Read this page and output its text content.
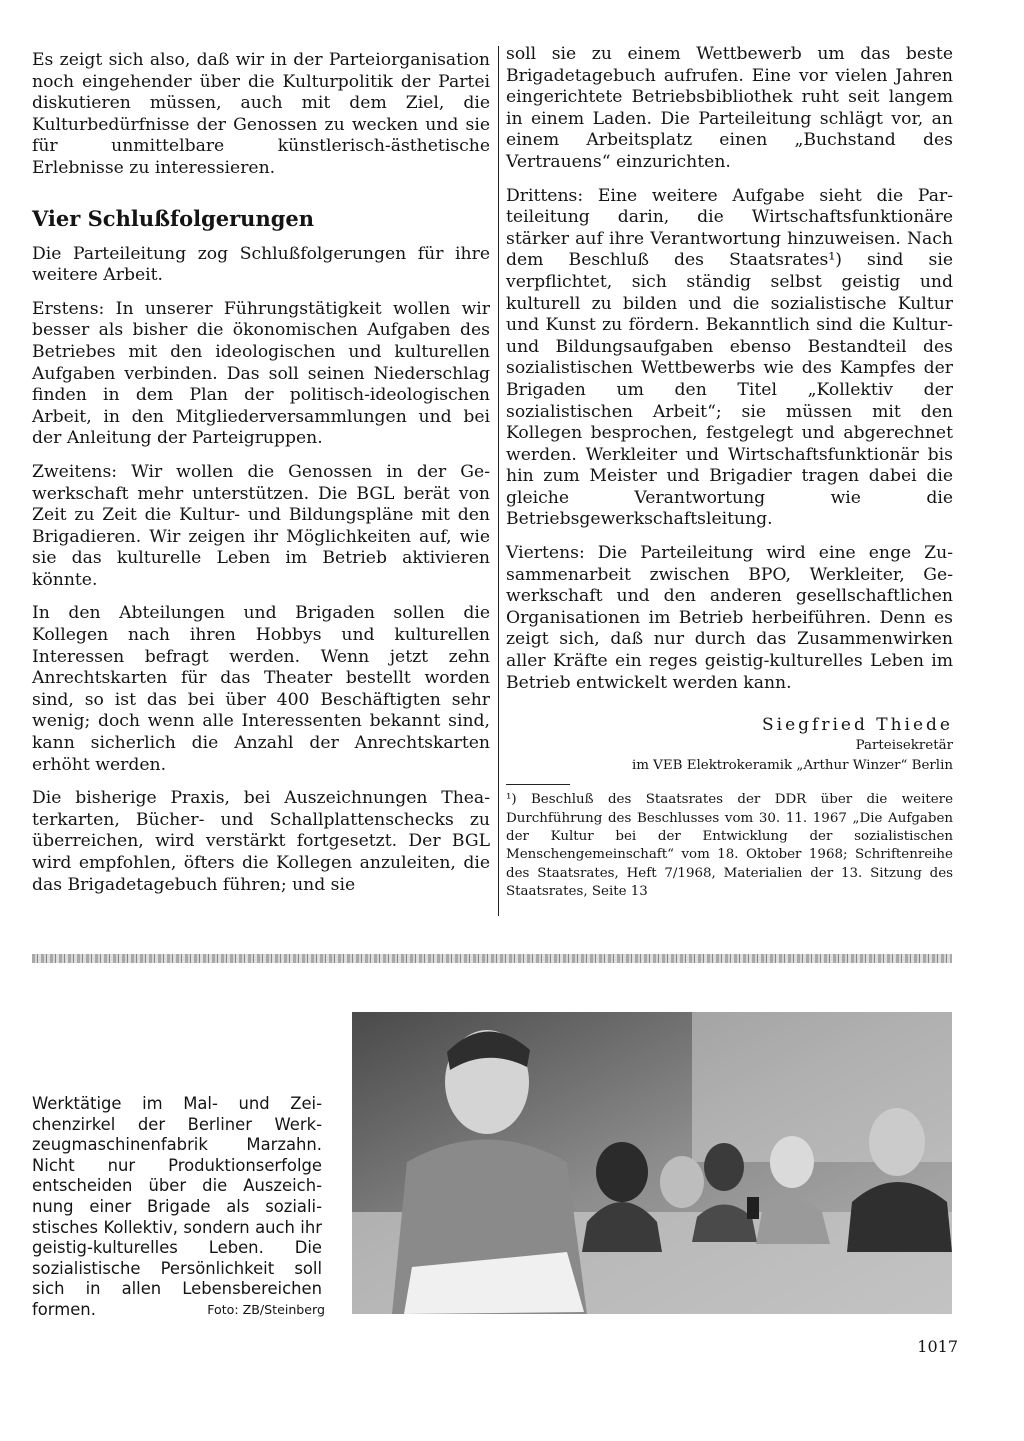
Es zeigt sich also, daß wir in der Parteiorganisation noch eingehender über die Kulturpolitik der Partei diskutieren müssen, auch mit dem Ziel, die Kulturbedürfnisse der Genossen zu wecken und sie für unmittelbare künstlerisch-ästhetische Erlebnisse zu interessieren.

Vier Schlußfolgerungen

Die Parteileitung zog Schlußfolgerungen für ihre weitere Arbeit.

Erstens: In unserer Führungstätigkeit wollen wir besser als bisher die ökonomischen Aufgaben des Betriebes mit den ideologischen und kulturellen Aufgaben verbinden. Das soll seinen Niederschlag finden in dem Plan der politisch-ideologischen Arbeit, in den Mitgliederversammlungen und bei der Anleitung der Parteigruppen.

Zweitens: Wir wollen die Genossen in der Gewerkschaft mehr unterstützen. Die BGL berät von Zeit zu Zeit die Kultur- und Bildungspläne mit den Brigadieren. Wir zeigen ihr Möglichkeiten auf, wie sie das kulturelle Leben im Betrieb aktivieren könnte.

In den Abteilungen und Brigaden sollen die Kollegen nach ihren Hobbys und kulturellen Interessen befragt werden. Wenn jetzt zehn Anrechtskarten für das Theater bestellt worden sind, so ist das bei über 400 Beschäftigten sehr wenig; doch wenn alle Interessenten bekannt sind, kann sicherlich die Anzahl der Anrechtskarten erhöht werden.

Die bisherige Praxis, bei Auszeichnungen Theaterkarten, Bücher- und Schallplattenschecks zu überreichen, wird verstärkt fortgesetzt. Der BGL wird empfohlen, öfters die Kollegen anzuleiten, die das Brigadetagebuch führen; und sie

soll sie zu einem Wettbewerb um das beste Brigadetagebuch aufrufen. Eine vor vielen Jahren eingerichtete Betriebsbibliothek ruht seit langem in einem Laden. Die Parteileitung schlägt vor, an einem Arbeitsplatz einen „Buchstand des Vertrauens“ einzurichten.

Drittens: Eine weitere Aufgabe sieht die Parteileitung darin, die Wirtschaftsfunktionäre stärker auf ihre Verantwortung hinzuweisen. Nach dem Beschluß des Staatsrates¹) sind sie verpflichtet, sich ständig selbst geistig und kulturell zu bilden und die sozialistische Kultur und Kunst zu fördern. Bekanntlich sind die Kultur- und Bildungsaufgaben ebenso Bestandteil des sozialistischen Wettbewerbs wie des Kampfes der Brigaden um den Titel „Kollektiv der sozialistischen Arbeit“; sie müssen mit den Kollegen besprochen, festgelegt und abgerechnet werden. Werkleiter und Wirtschaftsfunktionär bis hin zum Meister und Brigadier tragen dabei die gleiche Verantwortung wie die Betriebsgewerkschaftsleitung.

Viertens: Die Parteileitung wird eine enge Zusammenarbeit zwischen BPO, Werkleiter, Gewerkschaft und den anderen gesellschaftlichen Organisationen im Betrieb herbeiführen. Denn es zeigt sich, daß nur durch das Zusammenwirken aller Kräfte ein reges geistig-kulturelles Leben im Betrieb entwickelt werden kann.

Siegfried Thiede
Parteisekretär
im VEB Elektrokeramik „Arthur Winzer“ Berlin
¹) Beschluß des Staatsrates der DDR über die weitere Durchführung des Beschlusses vom 30. 11. 1967 „Die Aufgaben der Kultur bei der Entwicklung der sozialistischen Menschengemeinschaft“ vom 18. Oktober 1968; Schriftenreihe des Staatsrates, Heft 7/1968, Materialien der 13. Sitzung des Staatsrates, Seite 13
Werktätige im Mal- und Zeichenzirkel der Berliner Werkzeugmaschinenfabrik Marzahn. Nicht nur Produktionserfolge entscheiden über die Auszeichnung einer Brigade als sozialistisches Kollektiv, sondern auch ihr geistig-kulturelles Leben. Die sozialistische Persönlichkeit soll sich in allen Lebensbereichen formen.	Foto: ZB/Steinberg
1017
